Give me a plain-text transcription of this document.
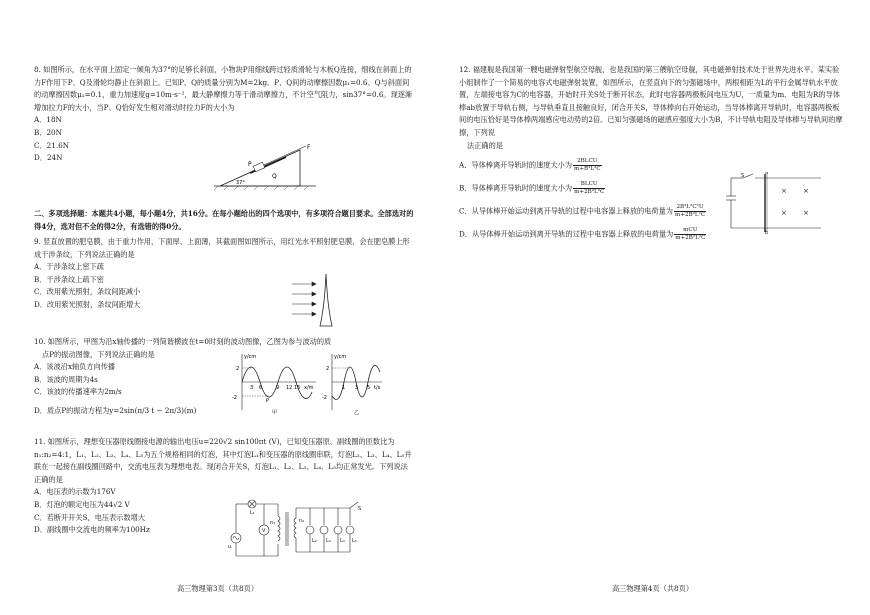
8. 如图所示，在水平面上固定一倾角为37°的足够长斜面，小物块P用细线跨过轻质滑轮与木板Q连接，细线在斜面上的力F作用下P、Q及滑轮均静止在斜面上。已知P、Q的质量分别为M=2kg、P、Q间的动摩擦因数μ₁=0.6、Q与斜面间的动摩擦因数μ₂=0.1，重力加速度g=10m·s⁻²，最大静摩擦力等于滑动摩擦力，不计空气阻力，sin37°=0.6。现逐渐增加拉力F的大小，当P、Q恰好发生相对滑动时拉力F的大小为

A．18N

B．20N

C．21.6N

D．24N

Q
P
F
37°
二、多项选择题：本题共4小题，每小题4分，共16分。在每小题给出的四个选项中，有多项符合题目要求。全部选对的得4分，选对但不全的得2分，有选错的得0分。

9. 竖直放置的肥皂膜，由于重力作用，下面厚、上面薄，其截面图如图所示，用红光水平照射肥皂膜，会在肥皂膜上形成干涉条纹，下列说法正确的是

A．干涉条纹上密下疏

B．干涉条纹上疏下密

C．改用紫光照射，条纹间距减小

D．改用紫光照射，条纹间距增大

10. 如图所示，甲图为沿x轴传播的一列简谐横波在t=0时刻的波动图像，乙图为参与波动的质

点P的振动图像，下列说法正确的是

A．该波沿x轴负方向传播

B．该波的周期为4s

C．该波的传播速率为2m/s

D．质点P的振动方程为y=2sin(π/3 t − 2π/3)(m)

y/cm
2
-2
3 6	9 12 15 x/m
P
甲
y/cm
2
-2
1 3 5 t/s
乙

11. 如图所示，理想变压器原线圈接电源的输出电压u=220√2 sin100πt (V)，已知变压器原、副线圈的匝数比为n₁:n₂=4:1，L₁、L₂、L₃、L₄、L₅为五个规格相同的灯泡，其中灯泡L₁和变压器的原线圈串联，灯泡L₂、L₃、L₄、L₅并联在一起接在副线圈回路中，交流电压表为理想电表。现闭合开关S，灯泡L₁、L₂、L₃、L₄、L₅均正常发光。下列说法正确的是

A．电压表的示数为176V

B．灯泡的额定电压为44√2 V

C．若断开开关S，电压表示数增大

D．副线圈中交流电的频率为100Hz	V
L₁
u
n₁	n₂
L₂ L₃ L₄ L₅
S
高三物理第3页（共8页）

12. 福建舰是我国第一艘电磁弹射型航空母舰，也是我国的第三艘航空母舰，其电磁弹射技术处于世界先进水平。某实验小组制作了一个简易的电容式电磁弹射装置，如图所示，在竖直向下的匀强磁场中，两根相距为L的平行金属导轨水平放置，左端接电容为C的电容器，开始时开关S处于断开状态，此时电容器两极板间电压为U，一质量为m、电阻为R的导体棒ab放置于导轨右侧，与导轨垂直且接触良好，闭合开关S，导体棒向右开始运动，当导体棒离开导轨时，电容器两极板间的电压恰好是导体棒两端感应电动势的2倍。已知匀强磁场的磁感应强度大小为B，不计导轨电阻及导体棒与导轨间的摩擦，下列说

法正确的是

A．导体棒离开导轨时的速度大小为 $\frac{\text{2BLCU}}{\text{m+B²L²C}}$

B．导体棒离开导轨时的速度大小为 $\frac{\text{BLCU}}{\text{m+2B²L²C}}$

C．从导体棒开始运动到离开导轨的过程中电容器上释放的电荷量为 $\frac{\text{2B²L²C²U}}{\text{m+2B²L²C}}$

D．从导体棒开始运动到离开导轨的过程中电容器上释放的电荷量为 $\frac{\text{mCU}}{\text{m+2B²L²C}}$

× ×
× ×
S	a
b
高三物理第4页（共8页）
